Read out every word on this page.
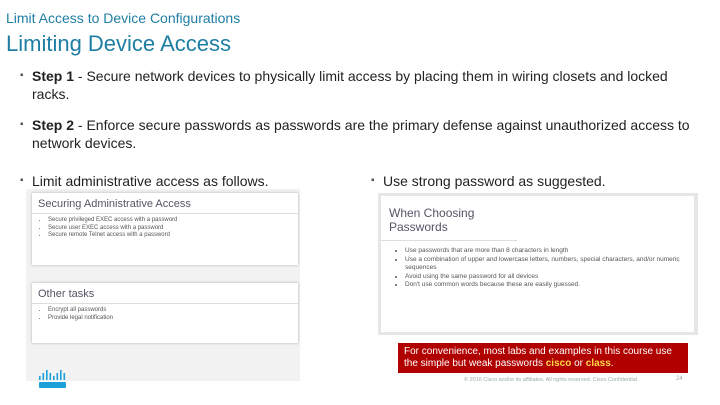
Limit Access to Device Configurations
Limiting Device Access
▪ Step 1 - Secure network devices to physically limit access by placing them in wiring closets and locked racks.
▪ Step 2 - Enforce secure passwords as passwords are the primary defense against unauthorized access to network devices.
▪ Limit administrative access as follows.	▪ Use strong password as suggested.
Securing Administrative Access
• Secure privileged EXEC access with a password
• Secure user EXEC access with a password
• Secure remote Telnet access with a password
Other tasks
• Encrypt all passwords
• Provide legal notification
When Choosing Passwords
• Use passwords that are more than 8 characters in length
• Use a combination of upper and lowercase letters, numbers, special characters, and/or numeric sequences
• Avoid using the same password for all devices
• Don't use common words because these are easily guessed.
For convenience, most labs and examples in this course use the simple but weak passwords cisco or class.
© 2016 Cisco and/or its affiliates. All rights reserved. Cisco Confidential	24
